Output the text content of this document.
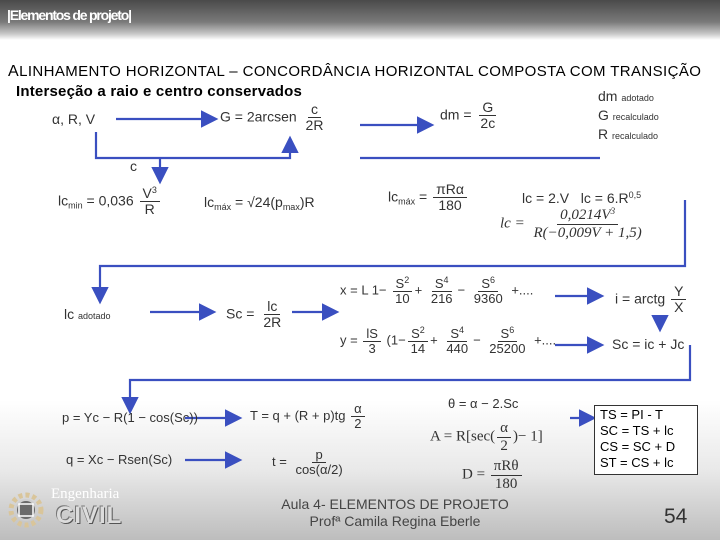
|Elementos de projeto|
ALINHAMENTO HORIZONTAL – CONCORDÂNCIA HORIZONTAL COMPOSTA COM TRANSIÇÃO
Interseção a raio e centro conservados
α, R, V	G = 2arcsen $\frac{c}{2R}$	dm = $\frac{G}{2c}$
dm adotado
G recalculado
R recalculado
c
$lc_{min} = 0,036 \frac{V^3}{R}$	$lc_{máx} = √24(p_{max})R$	$lc_{máx} = \frac{\text{πRα}}{180}$	lc = 2.V lc = $6.R^{0,5}$
lc = $\frac{0,0214V^3}{R(-0,009V + 1,5)}$
lc adotado	$Sc = \frac{lc}{2R}$
x = L $1- \frac{S^2}{10} + \frac{S^4}{216} - \frac{S^6}{9360}$ +....
$y = \frac{lS}{3} (1- \frac{S^2}{14} + \frac{S^4}{440} - \frac{S^6}{25200}$ +....
i = arctg $\frac{Y}{X}$
Sc = ic + Jc
θ = α − 2.Sc
p = Yc − R(1 − cos(Sc))
q = Xc − Rsen(Sc)
$T = q + (R + p)tg \frac{\alpha}{2}$
$t = \frac{p}{\cos(\alpha/2)}$
$A = R[\sec( \frac{\alpha}{2}$ )− 1]
$D = \frac{\text{πRθ}}{180}$
TS = PI - T
SC = TS + lc
CS = SC + D
ST = CS + lc
Engenharia
CIVIL	Aula 4- ELEMENTOS DE PROJETO
Profª Camila Regina Eberle	54
